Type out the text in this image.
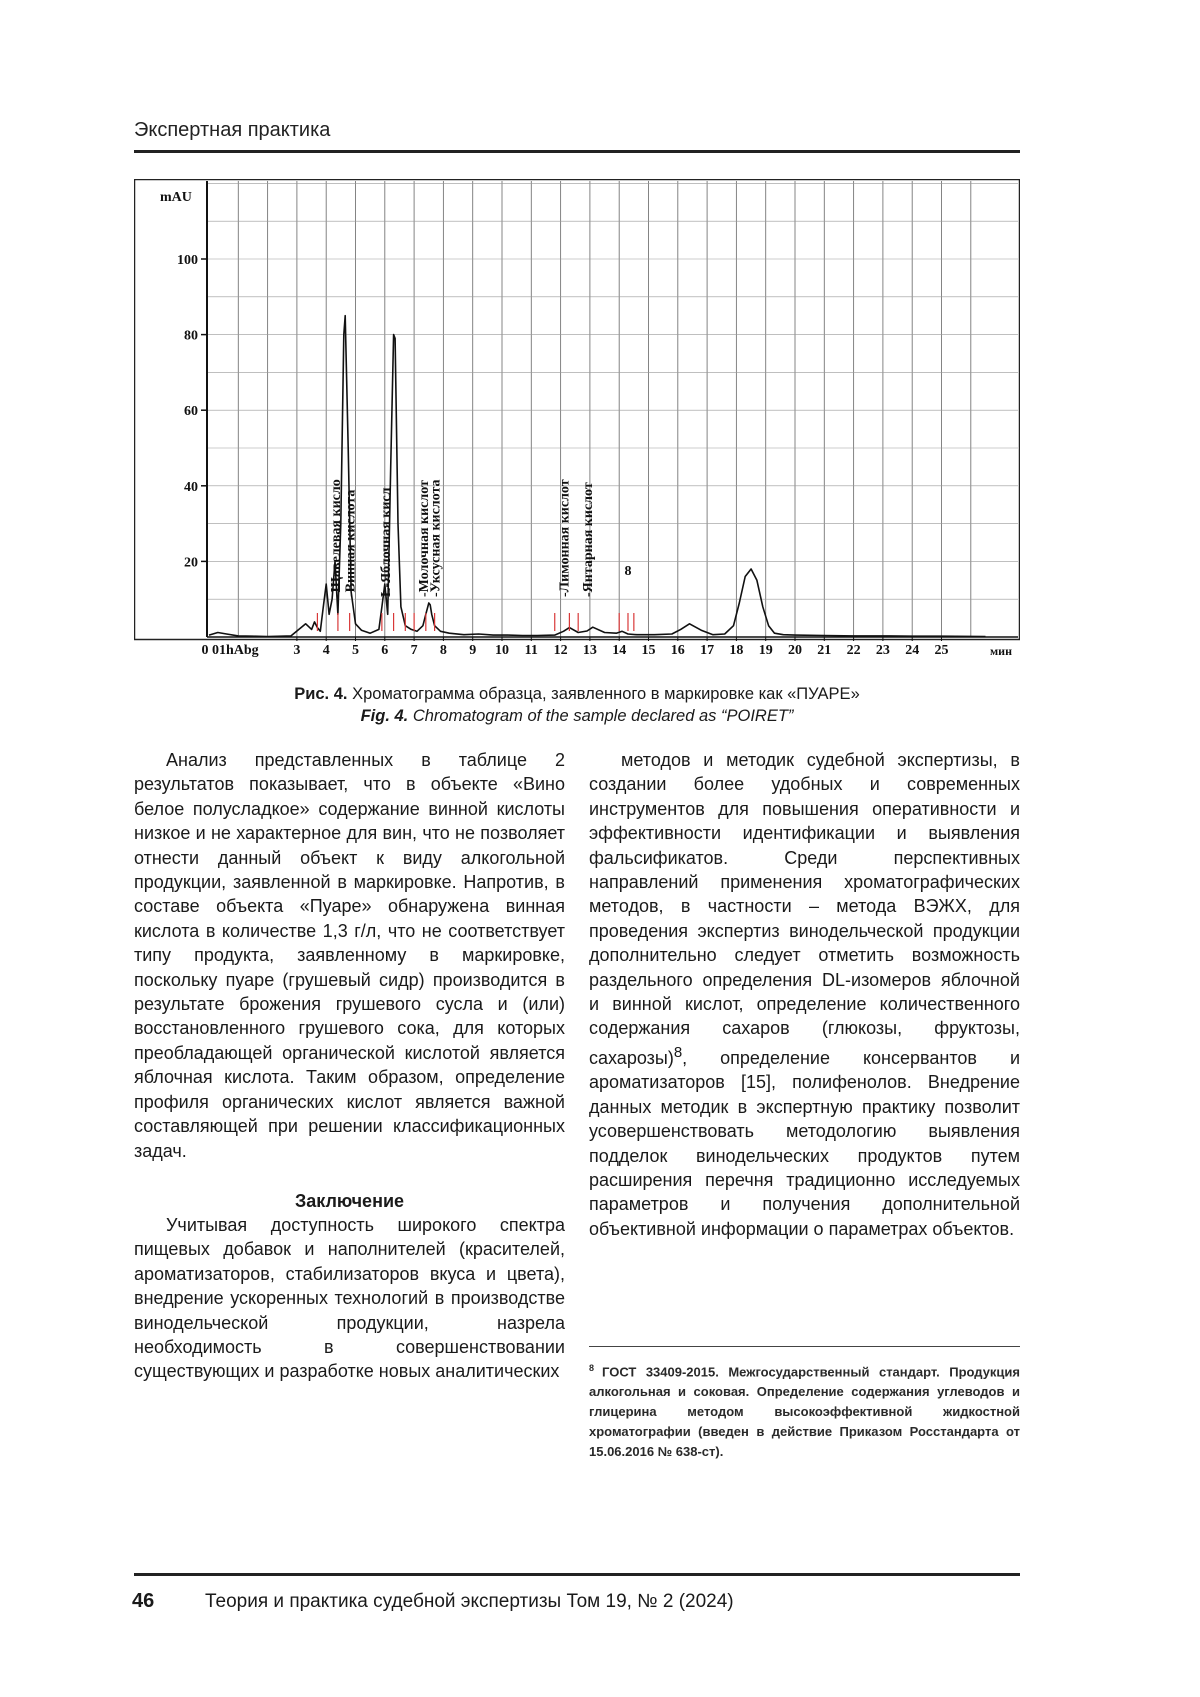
Экспертная практика
20
40
60
80
100
mAU
0 01hAbg 3 4 5 6 7 8 9 10 11 12 13 14 15 16 17 18 19 20 21 22 23 24 25	мин
-Щавелевая кисло -Винная кислота L-Яблочная кисл -Молочная кислот
-Уксусная кислота	-Лимонная кислот -Янтарная кислот 8
Рис. 4. Хроматограмма образца, заявленного в маркировке как «ПУАРЕ»
Fig. 4. Chromatogram of the sample declared as “POIRET”

Анализ представленных в таблице 2 результатов показывает, что в объекте «Вино белое полусладкое» содержание винной кислоты низкое и не характерное для вин, что не позволяет отнести данный объект к виду алкогольной продукции, заявленной в маркировке. Напротив, в составе объекта «Пуаре» обнаружена винная кислота в количестве 1,3 г/л, что не соответствует типу продукта, заявленному в маркировке, поскольку пуаре (грушевый сидр) производится в результате брожения грушевого сусла и (или) восстановленного грушевого сока, для которых преобладающей органической кислотой является яблочная кислота. Таким образом, определение профиля органических кислот является важной составляющей при решении классификационных задач.

Заключение

Учитывая доступность широкого спектра пищевых добавок и наполнителей (красителей, ароматизаторов, стабилизаторов вкуса и цвета), внедрение ускоренных технологий в производстве винодельческой продукции, назрела необходимость в совершенствовании существующих и разработке новых аналитических

методов и методик судебной экспертизы, в создании более удобных и современных инструментов для повышения оперативности и эффективности идентификации и выявления фальсификатов. Среди перспективных направлений применения хроматографических методов, в частности – метода ВЭЖХ, для проведения экспертиз винодельческой продукции дополнительно следует отметить возможность раздельного определения DL-изомеров яблочной и винной кислот, определение количественного содержания сахаров (глюкозы, фруктозы, сахарозы)$^8$, определение консервантов и ароматизаторов [15], полифенолов. Внедрение данных методик в экспертную практику позволит усовершенствовать методологию выявления подделок винодельческих продуктов путем расширения перечня традиционно исследуемых параметров и получения дополнительной объективной информации о параметрах объектов.

$^8$ ГОСТ 33409-2015. Межгосударственный стандарт. Продукция алкогольная и соковая. Определение содержания углеводов и глицерина методом высокоэффективной жидкостной хроматографии (введен в действие Приказом Росстандарта от 15.06.2016 № 638-ст).
46	Теория и практика судебной экспертизы Том 19, № 2 (2024)
